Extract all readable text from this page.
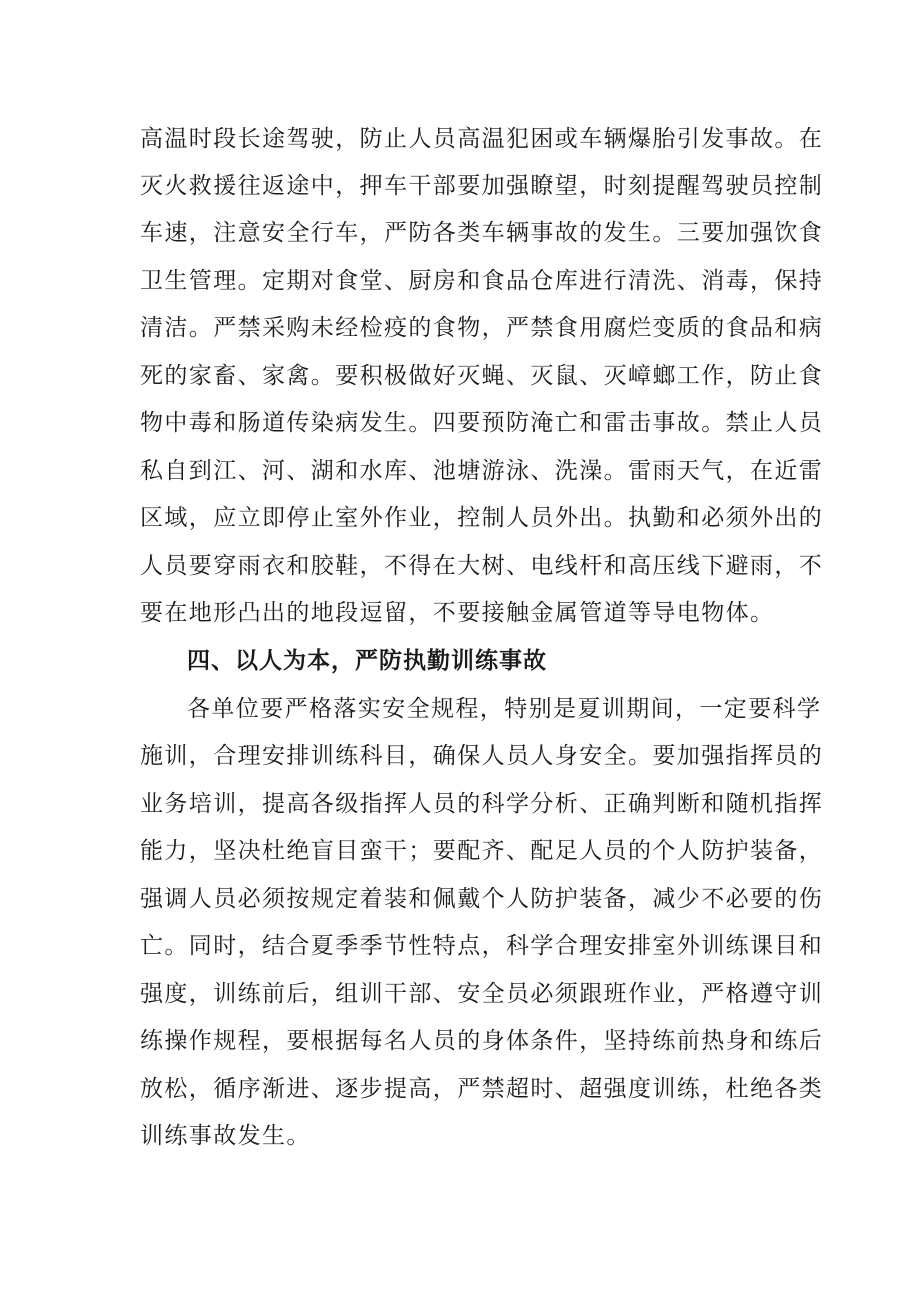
高温时段长途驾驶，防止人员高温犯困或车辆爆胎引发事故。在
灭火救援往返途中，押车干部要加强瞭望，时刻提醒驾驶员控制
车速，注意安全行车，严防各类车辆事故的发生。三要加强饮食
卫生管理。定期对食堂、厨房和食品仓库进行清洗、消毒，保持
清洁。严禁采购未经检疫的食物，严禁食用腐烂变质的食品和病
死的家畜、家禽。要积极做好灭蝇、灭鼠、灭嶂螂工作，防止食
物中毒和肠道传染病发生。四要预防淹亡和雷击事故。禁止人员
私自到江、河、湖和水库、池塘游泳、洗澡。雷雨天气，在近雷
区域，应立即停止室外作业，控制人员外出。执勤和必须外出的
人员要穿雨衣和胶鞋，不得在大树、电线杆和高压线下避雨，不
要在地形凸出的地段逗留，不要接触金属管道等导电物体。
四、以人为本，严防执勤训练事故
各单位要严格落实安全规程，特别是夏训期间，一定要科学
施训，合理安排训练科目，确保人员人身安全。要加强指挥员的
业务培训，提高各级指挥人员的科学分析、正确判断和随机指挥
能力，坚决杜绝盲目蛮干；要配齐、配足人员的个人防护装备，
强调人员必须按规定着装和佩戴个人防护装备，减少不必要的伤
亡。同时，结合夏季季节性特点，科学合理安排室外训练课目和
强度，训练前后，组训干部、安全员必须跟班作业，严格遵守训
练操作规程，要根据每名人员的身体条件，坚持练前热身和练后
放松，循序渐进、逐步提高，严禁超时、超强度训练，杜绝各类
训练事故发生。
